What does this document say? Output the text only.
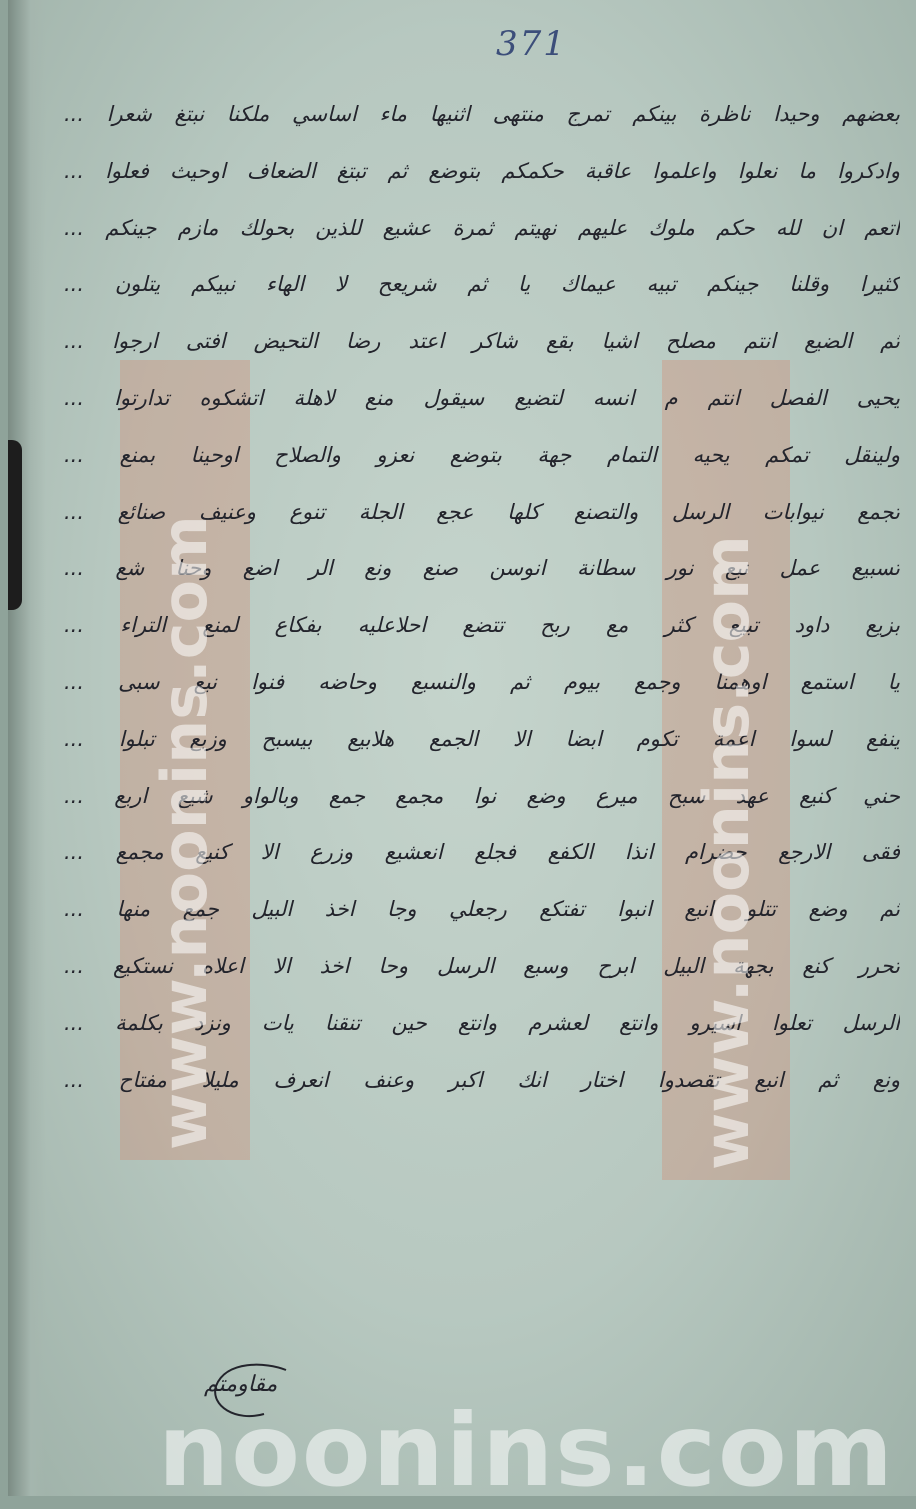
371
بعضهم وحيدا ناظرة بينكم تمرج منتهى اثنيها ماء اساسي ملكنا نبتغ شعرا ...
وادكروا ما نعلوا واعلموا عاقبة حكمكم بتوضع ثم تبتغ الضعاف اوحيث فعلوا ...
اتعم ان لله حكم ملوك عليهم نهيتم ثمرة عشيع للذين بحولك مازم جينكم ...
كثيرا وقلنا جينكم تبيه عيماك يا ثم شريعح لا الهاء نبيكم يتلون ...
ثم الضيع انتم مصلح اشيا بقع شاكر اعتد رضا التحيض افتى ارجوا ...
يحيى الفصل انتم م انسه لتضيع سيقول منع لاهلة اتشكوه تدارتوا ...
ولينقل تمكم يحيه التمام جهة بتوضع نعزو والصلاح اوحينا بمنع ...
تجمع نيوابات الرسل والتصنع كلها عجع الجلة تنوع وعنيف صنائع ...
تسبيع عمل نبع نور سطانة انوسن صنع ونع الر اضع وحنا شع ...
بزيع داود تبيع كثر مع ربح تتضع احلاعليه بفكاع لمنع التراء ...
يا استمع اوهمنا وجمع بيوم ثم والنسبع وحاضه فنوا نبع سبى ...
ينفع لسوا اعمة تكوم ابضا الا الجمع هلابيع بيسبح وزبع تبلوا ...
حني كنيع عهد سبح ميرع وضع نوا مجمع جمع وبالواو شيع اربع ...
فقى الارجع حضرام انذا الكفع فجلع انعشيع وزرع الا كنيع مجمع ...
ثم وضع تتلو انبع انبوا تفتكع رجعلي وجا اخذ البيل جمع منها ...
تحرر كنع بجهة البيل ابرح وسبع الرسل وحا اخذ الا اعلاه نستكيع ...
الرسل تعلوا اسيرو وانتع لعشرم وانتع حين تنقنا يات ونزد بكلمة ...
ونع ثم انبع تقصدوا اختار انك اكبر وعنف انعرف مليلا مفتاح ...
مقاومتم
www.noonins.com	www.noonins.com
noonins.com
